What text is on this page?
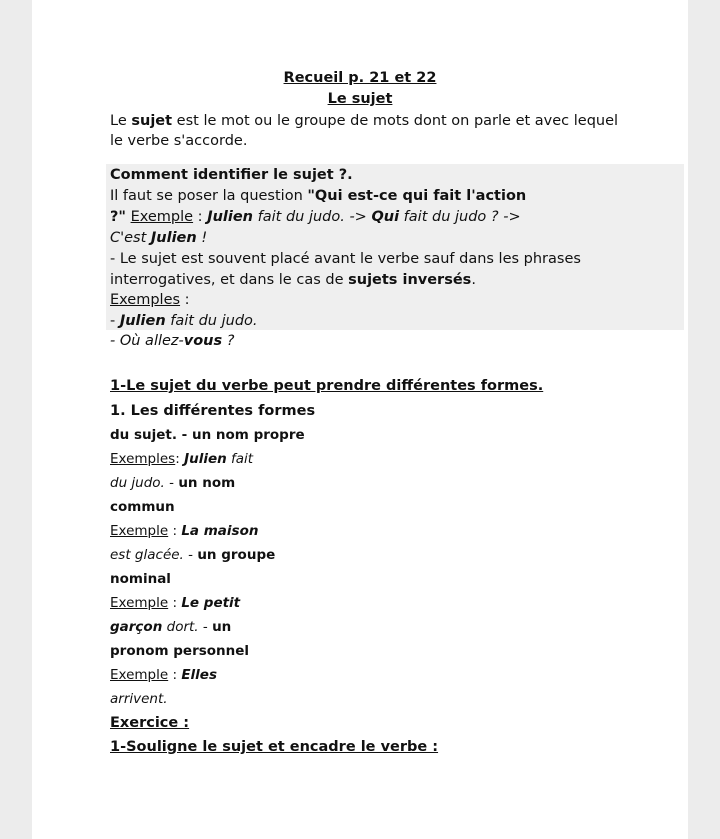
Recueil p. 21 et 22
Le sujet
Le sujet est le mot ou le groupe de mots dont on parle et avec lequel
le verbe s'accorde.
Comment identifier le sujet ?.
Il faut se poser la question "Qui est-ce qui fait l'action
?" Exemple : Julien fait du judo. -> Qui fait du judo ? ->
C'est Julien !
- Le sujet est souvent placé avant le verbe sauf dans les phrases
interrogatives, et dans le cas de sujets inversés.
Exemples :
- Julien fait du judo.
- Où allez-vous ?
1-Le sujet du verbe peut prendre différentes formes.
1. Les différentes formes
du sujet. - un nom propre
Exemples: Julien fait
du judo. - un nom
commun
Exemple : La maison
est glacée. - un groupe
nominal
Exemple : Le petit
garçon dort. - un
pronom personnel
Exemple : Elles
arrivent.
Exercice :
1-Souligne le sujet et encadre le verbe :
